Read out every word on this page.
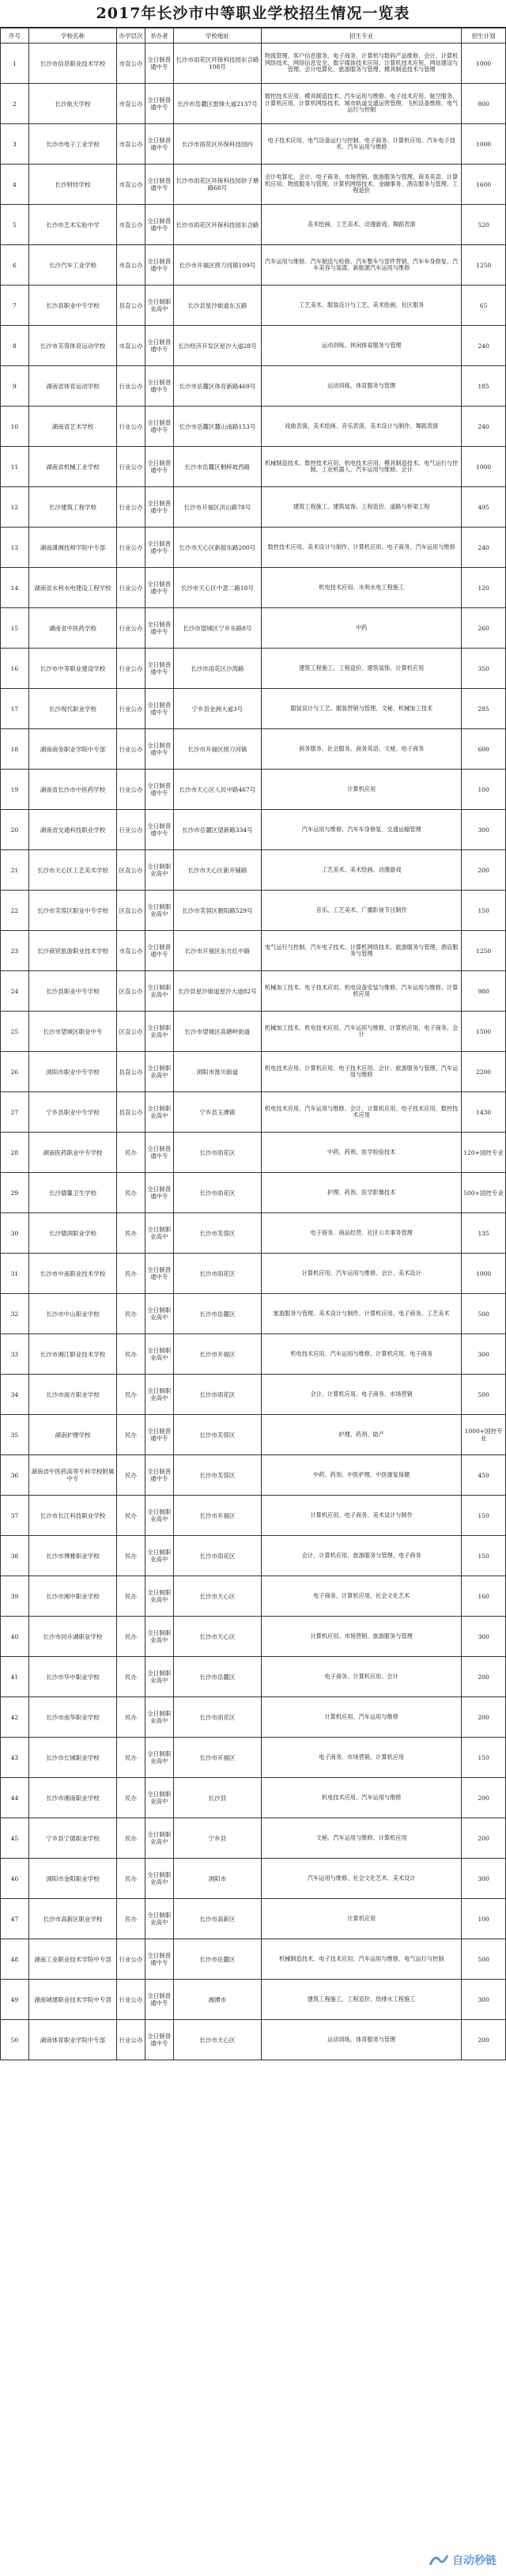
2017年长沙市中等职业学校招生情况一览表
序号	学校名称	办学层次	举办者	学校地址	招生专业	招生计划
1	长沙市信息职业技术学校	市直公办	全日制普通中专	长沙市雨花区环保科技园东合路108号	物流管理、客户信息服务、电子商务、计算机与数码产品维修、会计、计算机网络技术、网络信息安全、数字媒体技术应用、计算机技术应用、网站建设与管理、会计电算化、旅游服务与管理、模具制造技术与管理	1000
2	长沙航天学校	市直公办	全日制普通中专	长沙市岳麓区雷锋大道2137号	数控技术应用、模具制造技术、汽车运用与维修、电子技术应用、航空服务、计算机应用、计算机网络技术、城市轨道交通运营管理、飞机设备维修、电气运行与控制	800
3	长沙市电子工业学校	市直公办	全日制普通中专	长沙市雨花区环保科技园内	电子技术应用、电气设备运行与控制、电子商务、计算机应用、汽车电子技术、汽车运用与维修	1000
4	长沙财经学校	市直公办	全日制普通中专	长沙市雨花区环保科技园砂子塘路68号	会计电算化、会计、电子商务、市场营销、旅游服务与管理、商务英语、计算机应用、物流服务与管理、计算机网络技术、金融事务、酒店服务与管理、工程造价	1600
5	长沙市艺术实验中学	市直公办	全日制普通中专	长沙市雨花区环保科技园东合路	美术绘画、工艺美术、动漫游戏、舞蹈表演	520
6	长沙汽车工业学校	市直公办	全日制普通中专	长沙市开福区捞刀河镇109号	汽车运用与维修、汽车制造与检修、汽车整车与部件营销、汽车车身修复、汽车美容与装潢、新能源汽车运用与维修	1250
7	长沙县职业中专学校	县直公办	全日制职业高中	长沙县星沙街道东五路	工艺美术、服装设计与工艺、美术绘画、社区服务	65
8	长沙市芙蓉体育运动学校	市直公办	全日制普通中专	长沙经济开发区星沙大道28号	运动训练、休闲体育服务与管理	240
9	湖南省体育运动学校	行业公办	全日制普通中专	长沙市岳麓区体育新路469号	运动训练、体育服务与管理	185
10	湖南省艺术学校	行业公办	全日制普通中专	长沙市岳麓区麓山南路153号	戏曲表演、美术绘画、音乐表演、美术设计与制作、舞蹈表演	240
11	湖南省机械工业学校	行业公办	全日制普通中专	长沙市岳麓区桐梓坡西路	机械制造技术、数控技术应用、机电技术应用、模具制造技术、电气运行与控制、工业机器人、汽车运用与维修、会计	1000
12	长沙建筑工程学校	行业公办	全日制普通中专	长沙市开福区洪山路78号	建筑工程施工、建筑装饰、工程造价、道路与桥梁工程	495
13	湖南潇湘技师学院中专部	行业公办	全日制普通中专	长沙市天心区新韶东路200号	数控技术应用、美术设计与制作、计算机应用、电子商务、汽车运用与维修	240
14	湖南省水利水电建设工程学校	行业公办	全日制普通中专	长沙市天心区中意二路18号	机电技术应用、水利水电工程施工	120
15	湖南省中医药学校	行业公办	全日制普通中专	长沙市望城区宁乡东路8号	中药	260
16	长沙市中等职业建设学校	行业公办	全日制普通中专	长沙市雨花区沙湾路	建筑工程施工、工程造价、建筑装饰、计算机应用	350
17	长沙现代职业学校	行业公办	全日制普通中专	宁乡县金洲大道3号	服装设计与工艺、服装营销与管理、文秘、机械加工技术	285
18	湖南商务职业学院中专部	行业公办	全日制普通中专	长沙市开福区捞刀河镇	商务服务、社会服务、商务英语、文秘、电子商务	600
19	湖南省长沙市中医药学校	行业公办	全日制普通中专	长沙市天心区人民中路467号	计算机应用	100
20	湖南省交通科技职业学校	行业公办	全日制普通中专	长沙市岳麓区望新路334号	汽车运用与维修、汽车车身修复、交通运输管理	300
21	长沙市天心区工艺美术学校	区直公办	全日制职业高中	长沙市天心区新开铺路	工艺美术、美术绘画、动漫游戏	200
22	长沙市芙蓉区职业中专学校	区直公办	全日制职业高中	长沙市芙蓉区朝阳路529号	音乐、工艺美术、广播影视节目制作	150
23	长沙商贸旅游职业技术学校	市直公办	全日制普通中专	长沙市开福区东方红中路	电气运行与控制、汽车电子技术、计算机网络技术、旅游服务与管理、酒店服务与管理	1250
24	长沙县职业中专学校	区直公办	全日制职业高中	长沙县星沙街道星沙大道82号	机械加工技术、电子技术应用、机电设备安装与维修、汽车运用与维修、计算机应用	980
25	长沙市望城区职业中专	区直公办	全日制职业高中	长沙市望城区高塘岭街道	机械加工技术、机电技术应用、汽车运用与维修、计算机应用、电子商务、会计	1500
26	浏阳市职业中专学校	县直公办	全日制职业高中	浏阳市淮川街道	机电技术应用、计算机应用、电子技术应用、会计、旅游服务与管理、汽车运用与维修	2200
27	宁乡县职业中专学校	县直公办	全日制职业高中	宁乡县玉潭镇	机电技术应用、汽车运用与维修、会计、计算机应用、电子技术应用、数控技术应用	1430
28	湖南医药职业中专学校	民办	全日制普通中专	长沙市雨花区	中药、药剂、医学检验技术	120+国控专业
29	长沙德馨卫生学校	民办	全日制普通中专	长沙市雨花区	护理、药剂、医学影像技术	500+国控专业
30	长沙德润职业学校	民办	全日制职业高中	长沙市芙蓉区	电子商务、商品经营、社区公共事务管理	135
31	长沙市中南职业技术学校	民办	全日制普通中专	长沙市雨花区	计算机应用、汽车运用与维修、会计、美术设计	1000
32	长沙市中山职业学校	民办	全日制职业高中	长沙市岳麓区	旅游服务与管理、美术设计与制作、计算机应用、电子商务、工艺美术	500
33	长沙市湘江职业技术学校	民办	全日制职业高中	长沙市开福区	机电技术应用、汽车运用与维修、计算机应用、电子商务	300
34	长沙市南方职业学校	民办	全日制职业高中	长沙市雨花区	会计、计算机应用、电子商务、市场营销	500
35	湖南护理学校	民办	全日制普通中专	长沙市芙蓉区	护理、药剂、助产	1000+国控专业
36	湖南省中医药高等专科学校附属中专	民办	全日制普通中专	长沙市芙蓉区	中药、药剂、中医护理、中医康复保健	450
37	长沙市长江科技职业学校	民办	全日制职业高中	长沙市开福区	计算机应用、电子商务、美术设计与制作	150
38	长沙市博雅职业学校	民办	全日制职业高中	长沙市雨花区	会计、计算机应用、旅游服务与管理、电子商务	150
39	长沙市湘中职业学校	民办	全日制职业高中	长沙市天心区	电子商务、计算机应用、社会文化艺术	160
40	长沙市同升湖职业学校	民办	全日制职业高中	长沙市天心区	计算机应用、市场营销、旅游服务与管理	300
41	长沙市华中职业学校	民办	全日制职业高中	长沙市岳麓区	电子商务、计算机应用、会计	200
42	长沙市南华职业学校	民办	全日制职业高中	长沙市雨花区	计算机应用、汽车运用与维修	200
43	长沙市长城职业学校	民办	全日制职业高中	长沙市开福区	电子商务、市场营销、计算机应用	150
44	长沙市湘南职业学校	民办	全日制职业高中	长沙县	机电技术应用、汽车运用与维修	200
45	宁乡县宁德职业学校	民办	全日制职业高中	宁乡县	文秘、汽车运用与维修、计算机应用	200
46	浏阳市金阳职业学校	民办	全日制职业高中	浏阳市	汽车运用与维修、社会文化艺术、美术设计	300
47	长沙市高新区职业学校	民办	全日制职业高中	长沙市高新区	计算机应用	100
48	湖南工业职业技术学院中专部	行业公办	全日制普通中专	长沙市岳麓区	机械制造技术、电子技术应用、汽车运用与维修、电气运行与控制	500
49	湖南城建职业技术学院中专部	行业公办	全日制普通中专	湘潭市	建筑工程施工、工程造价、给排水工程施工	300
50	湖南体育职业学院中专部	行业公办	全日制普通中专	长沙市天心区	运动训练、体育服务与管理	200
自动秒链
